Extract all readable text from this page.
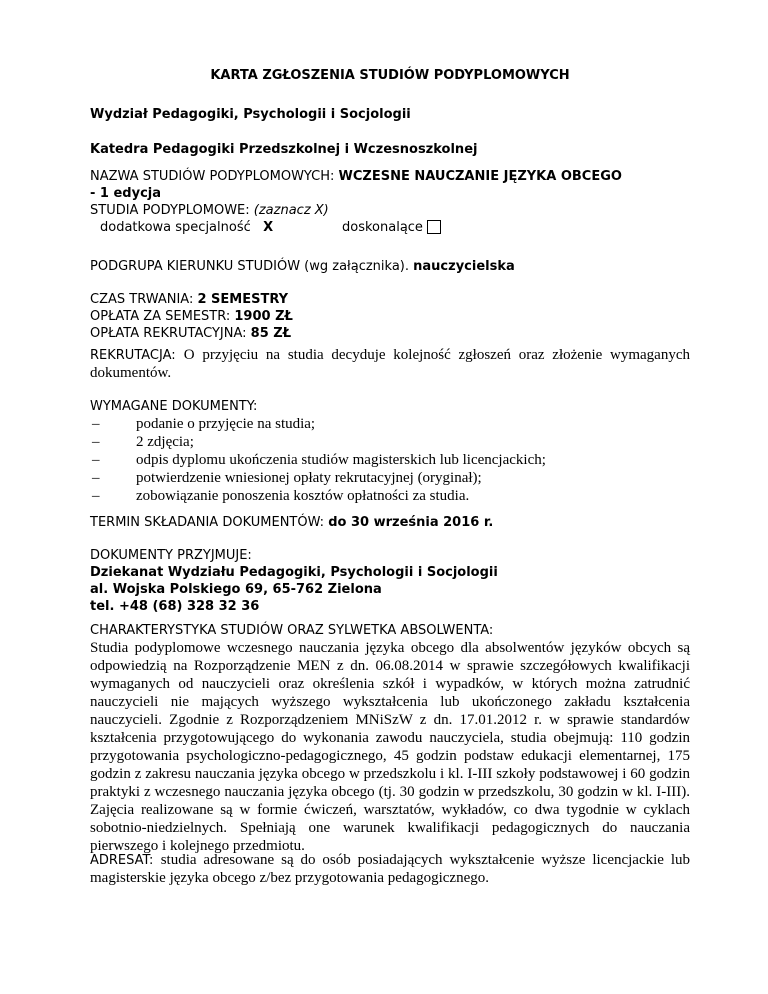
KARTA ZGŁOSZENIA STUDIÓW PODYPLOMOWYCH
Wydział Pedagogiki, Psychologii i Socjologii
Katedra Pedagogiki Przedszkolnej i Wczesnoszkolnej
NAZWA STUDIÓW PODYPLOMOWYCH: WCZESNE NAUCZANIE JĘZYKA OBCEGO
- 1 edycja
STUDIA PODYPLOMOWE: (zaznacz X)
dodatkowa specjalność X	doskonalące
PODGRUPA KIERUNKU STUDIÓW (wg załącznika). nauczycielska
CZAS TRWANIA: 2 SEMESTRY
OPŁATA ZA SEMESTR: 1900 ZŁ
OPŁATA REKRUTACYJNA: 85 ZŁ
REKRUTACJA: O przyjęciu na studia decyduje kolejność zgłoszeń oraz złożenie wymaganych dokumentów.
WYMAGANE DOKUMENTY:
– podanie o przyjęcie na studia;
– 2 zdjęcia;
– odpis dyplomu ukończenia studiów magisterskich lub licencjackich;
– potwierdzenie wniesionej opłaty rekrutacyjnej (oryginał);
– zobowiązanie ponoszenia kosztów opłatności za studia.
TERMIN SKŁADANIA DOKUMENTÓW: do 30 września 2016 r.
DOKUMENTY PRZYJMUJE:
Dziekanat Wydziału Pedagogiki, Psychologii i Socjologii
al. Wojska Polskiego 69, 65-762 Zielona
tel. +48 (68) 328 32 36
CHARAKTERYSTYKA STUDIÓW ORAZ SYLWETKA ABSOLWENTA:
Studia podyplomowe wczesnego nauczania języka obcego dla absolwentów języków obcych są odpowiedzią na Rozporządzenie MEN z dn. 06.08.2014 w sprawie szczegółowych kwalifikacji wymaganych od nauczycieli oraz określenia szkół i wypadków, w których można zatrudnić nauczycieli nie mających wyższego wykształcenia lub ukończonego zakładu kształcenia nauczycieli. Zgodnie z Rozporządzeniem MNiSzW z dn. 17.01.2012 r. w sprawie standardów kształcenia przygotowującego do wykonania zawodu nauczyciela, studia obejmują: 110 godzin przygotowania psychologiczno-pedagogicznego, 45 godzin podstaw edukacji elementarnej, 175 godzin z zakresu nauczania języka obcego w przedszkolu i kl. I-III szkoły podstawowej i 60 godzin praktyki z wczesnego nauczania języka obcego (tj. 30 godzin w przedszkolu, 30 godzin w kl. I-III). Zajęcia realizowane są w formie ćwiczeń, warsztatów, wykładów, co dwa tygodnie w cyklach sobotnio-niedzielnych. Spełniają one warunek kwalifikacji pedagogicznych do nauczania pierwszego i kolejnego przedmiotu.
ADRESAT: studia adresowane są do osób posiadających wykształcenie wyższe licencjackie lub magisterskie języka obcego z/bez przygotowania pedagogicznego.
